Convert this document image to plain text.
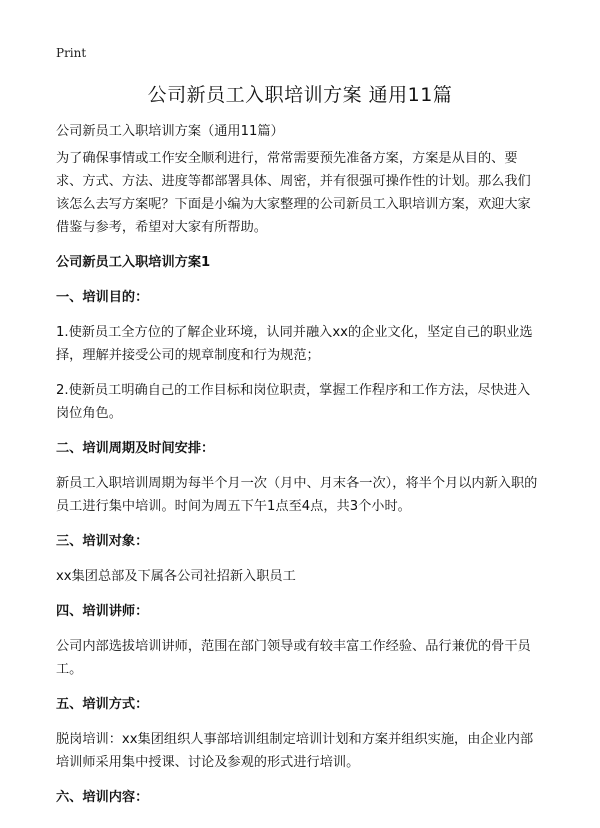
Print
公司新员工入职培训方案 通用11篇

公司新员工入职培训方案（通用11篇）

为了确保事情或工作安全顺利进行，常常需要预先准备方案，方案是从目的、要求、方式、方法、进度等都部署具体、周密，并有很强可操作性的计划。那么我们该怎么去写方案呢？下面是小编为大家整理的公司新员工入职培训方案，欢迎大家借鉴与参考，希望对大家有所帮助。

公司新员工入职培训方案1
一、培训目的：

1.使新员工全方位的了解企业环境，认同并融入xx的企业文化，坚定自己的职业选择，理解并接受公司的规章制度和行为规范；

2.使新员工明确自己的工作目标和岗位职责，掌握工作程序和工作方法，尽快进入岗位角色。

二、培训周期及时间安排：

新员工入职培训周期为每半个月一次（月中、月末各一次），将半个月以内新入职的员工进行集中培训。时间为周五下午1点至4点，共3个小时。

三、培训对象：

xx集团总部及下属各公司社招新入职员工

四、培训讲师：

公司内部选拔培训讲师，范围在部门领导或有较丰富工作经验、品行兼优的骨干员工。

五、培训方式：

脱岗培训：xx集团组织人事部培训组制定培训计划和方案并组织实施，由企业内部培训师采用集中授课、讨论及参观的形式进行培训。

六、培训内容：
